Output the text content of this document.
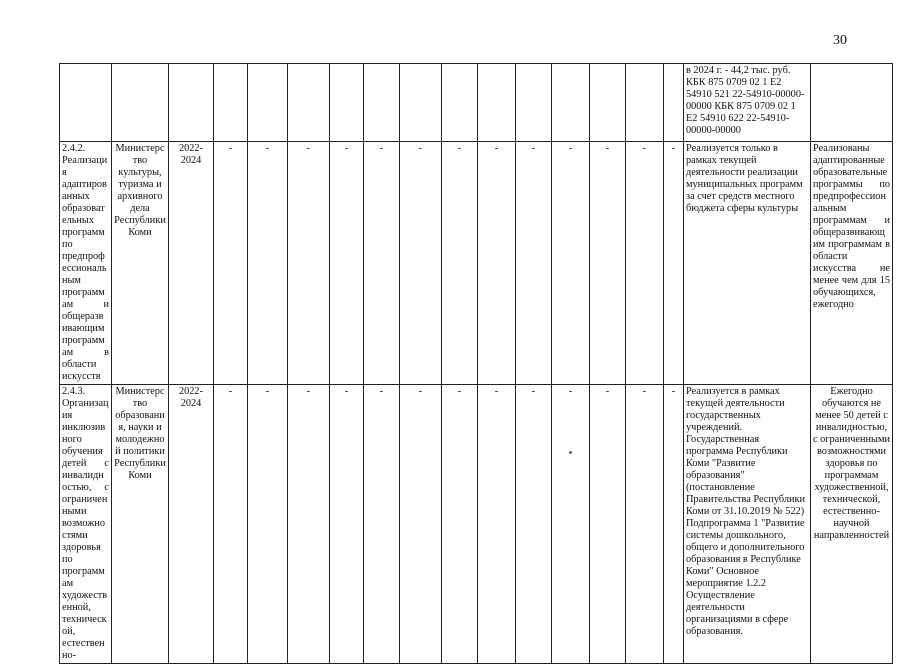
30
																в 2024 г. - 44,2 тыс. руб. КБК 875 0709 02 1 Е2 54910 521 22-54910-00000-00000 КБК 875 0709 02 1 Е2 54910 622 22-54910-00000-00000	
2.4.2. Реализация адаптированных образовательных программ по предпрофессиональным программам и общеразвивающим программам в области искусств	Министерство культуры, туризма и архивного дела Республики Коми	2022-2024	-	-	-	-	-	-	-	-	-	-	-	-	-	Реализуется только в рамках текущей деятельности реализации муниципальных программ за счет средств местного бюджета сферы культуры	Реализованы адаптированные образовательные программы по предпрофессиональным программам и общеразвивающим программам в области искусства не менее чем для 15 обучающихся, ежегодно
2.4.3. Организация инклюзивного обучения детей с инвалидностью, с ограниченными возможностями здоровья по программам художественной, технической, естественно-	Министерство образования, науки и молодежной политики Республики Коми	2022-2024	-	-	-	-	-	-	-	-	-	-	-	-	-	Реализуется в рамках текущей деятельности государственных учреждений. Государственная программа Республики Коми "Развитие образования" (постановление Правительства Республики Коми от 31.10.2019 № 522) Подпрограмма 1 "Развитие системы дошкольного, общего и дополнительного образования в Республике Коми" Основное мероприятие 1.2.2 Осуществление деятельности организациями в сфере образования.	Ежегодно обучаются не менее 50 детей с инвалидностью, с ограниченными возможностями здоровья по программам художественной, технической, естественно-научной направленностей
